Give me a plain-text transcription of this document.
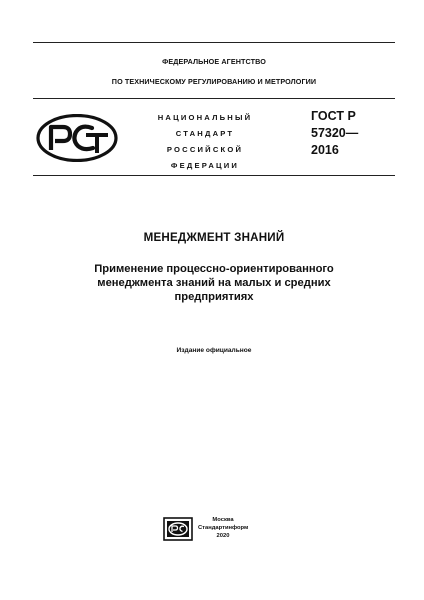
ФЕДЕРАЛЬНОЕ АГЕНТСТВО
ПО ТЕХНИЧЕСКОМУ РЕГУЛИРОВАНИЮ И МЕТРОЛОГИИ
НАЦИОНАЛЬНЫЙ
СТАНДАРТ
РОССИЙСКОЙ
ФЕДЕРАЦИИ
ГОСТ Р
57320—
2016
МЕНЕДЖМЕНТ ЗНАНИЙ
Применение процессно-ориентированного
менеджмента знаний на малых и средних
предприятиях
Издание официальное
Москва
Стандартинформ
2020
